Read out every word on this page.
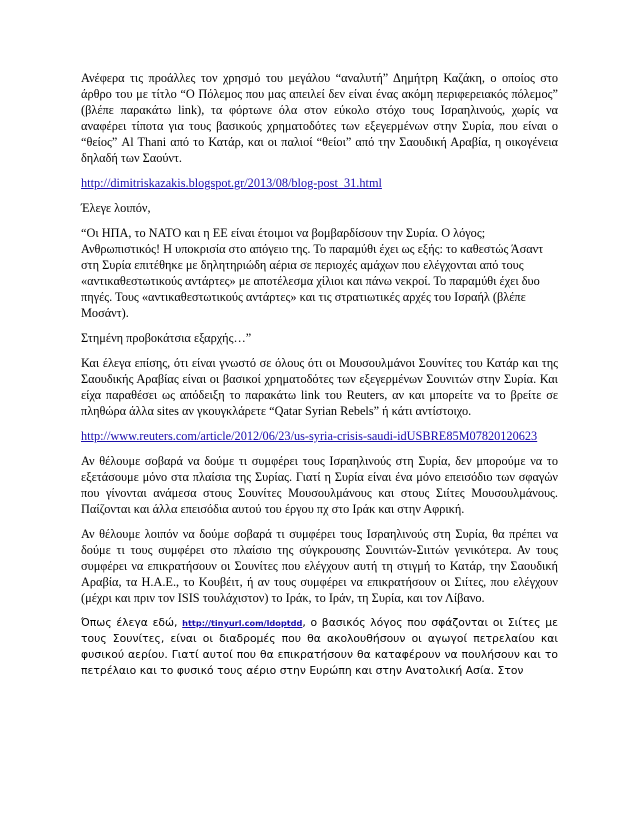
Ανέφερα τις προάλλες τον χρησμό του μεγάλου “αναλυτή” Δημήτρη Καζάκη, ο οποίος στο άρθρο του με τίτλο “Ο Πόλεμος που μας απειλεί δεν είναι ένας ακόμη περιφερειακός πόλεμος” (βλέπε παρακάτω link), τα φόρτωνε όλα στον εύκολο στόχο τους Ισραηλινούς, χωρίς να αναφέρει τίποτα για τους βασικούς χρηματοδότες των εξεγερμένων στην Συρία, που είναι ο “θείος” Al Thani από το Κατάρ, και οι παλιοί “θείοι” από την Σαουδική Αραβία, η οικογένεια δηλαδή των Σαούντ.

http://dimitriskazakis.blogspot.gr/2013/08/blog-post_31.html

Έλεγε λοιπόν,

“Οι ΗΠΑ, το ΝΑΤΟ και η ΕΕ είναι έτοιμοι να βομβαρδίσουν την Συρία. Ο λόγος; Ανθρωπιστικός! Η υποκρισία στο απόγειο της. Το παραμύθι έχει ως εξής: το καθεστώς Άσαντ στη Συρία επιτέθηκε με δηλητηριώδη αέρια σε περιοχές αμάχων που ελέγχονται από τους «αντικαθεστωτικούς αντάρτες» με αποτέλεσμα χίλιοι και πάνω νεκροί. Το παραμύθι έχει δυο πηγές. Τους «αντικαθεστωτικούς αντάρτες» και τις στρατιωτικές αρχές του Ισραήλ (βλέπε Μοσάντ).

Στημένη προβοκάτσια εξαρχής…”

Και έλεγα επίσης, ότι είναι γνωστό σε όλους ότι οι Μουσουλμάνοι Σουνίτες του Κατάρ και της Σαουδικής Αραβίας είναι οι βασικοί χρηματοδότες των εξεγερμένων Σουνιτών στην Συρία. Και είχα παραθέσει ως απόδειξη το παρακάτω link του Reuters, αν και μπορείτε να το βρείτε σε πληθώρα άλλα sites αν γκουγκλάρετε “Qatar Syrian Rebels” ή κάτι αντίστοιχο.

http://www.reuters.com/article/2012/06/23/us-syria-crisis-saudi-idUSBRE85M07820120623

Αν θέλουμε σοβαρά να δούμε τι συμφέρει τους Ισραηλινούς στη Συρία, δεν μπορούμε να το εξετάσουμε μόνο στα πλαίσια της Συρίας. Γιατί η Συρία είναι ένα μόνο επεισόδιο των σφαγών που γίνονται ανάμεσα στους Σουνίτες Μουσουλμάνους και στους Σιίτες Μουσουλμάνους. Παίζονται και άλλα επεισόδια αυτού του έργου πχ στο Ιράκ και στην Αφρική.

Αν θέλουμε λοιπόν να δούμε σοβαρά τι συμφέρει τους Ισραηλινούς στη Συρία, θα πρέπει να δούμε τι τους συμφέρει στο πλαίσιο της σύγκρουσης Σουνιτών-Σιιτών γενικότερα. Αν τους συμφέρει να επικρατήσουν οι Σουνίτες που ελέγχουν αυτή τη στιγμή το Κατάρ, την Σαουδική Αραβία, τα Η.Α.Ε., το Κουβέιτ, ή αν τους συμφέρει να επικρατήσουν οι Σιίτες, που ελέγχουν (μέχρι και πριν τον ISIS τουλάχιστον) το Ιράκ, το Ιράν, τη Συρία, και τον Λίβανο.

Όπως έλεγα εδώ, http://tinyurl.com/ldoptdd, ο βασικός λόγος που σφάζονται οι Σιίτες με τους Σουνίτες, είναι οι διαδρομές που θα ακολουθήσουν οι αγωγοί πετρελαίου και φυσικού αερίου. Γιατί αυτοί που θα επικρατήσουν θα καταφέρουν να πουλήσουν και το πετρέλαιο και το φυσικό τους αέριο στην Ευρώπη και στην Ανατολική Ασία. Στον
